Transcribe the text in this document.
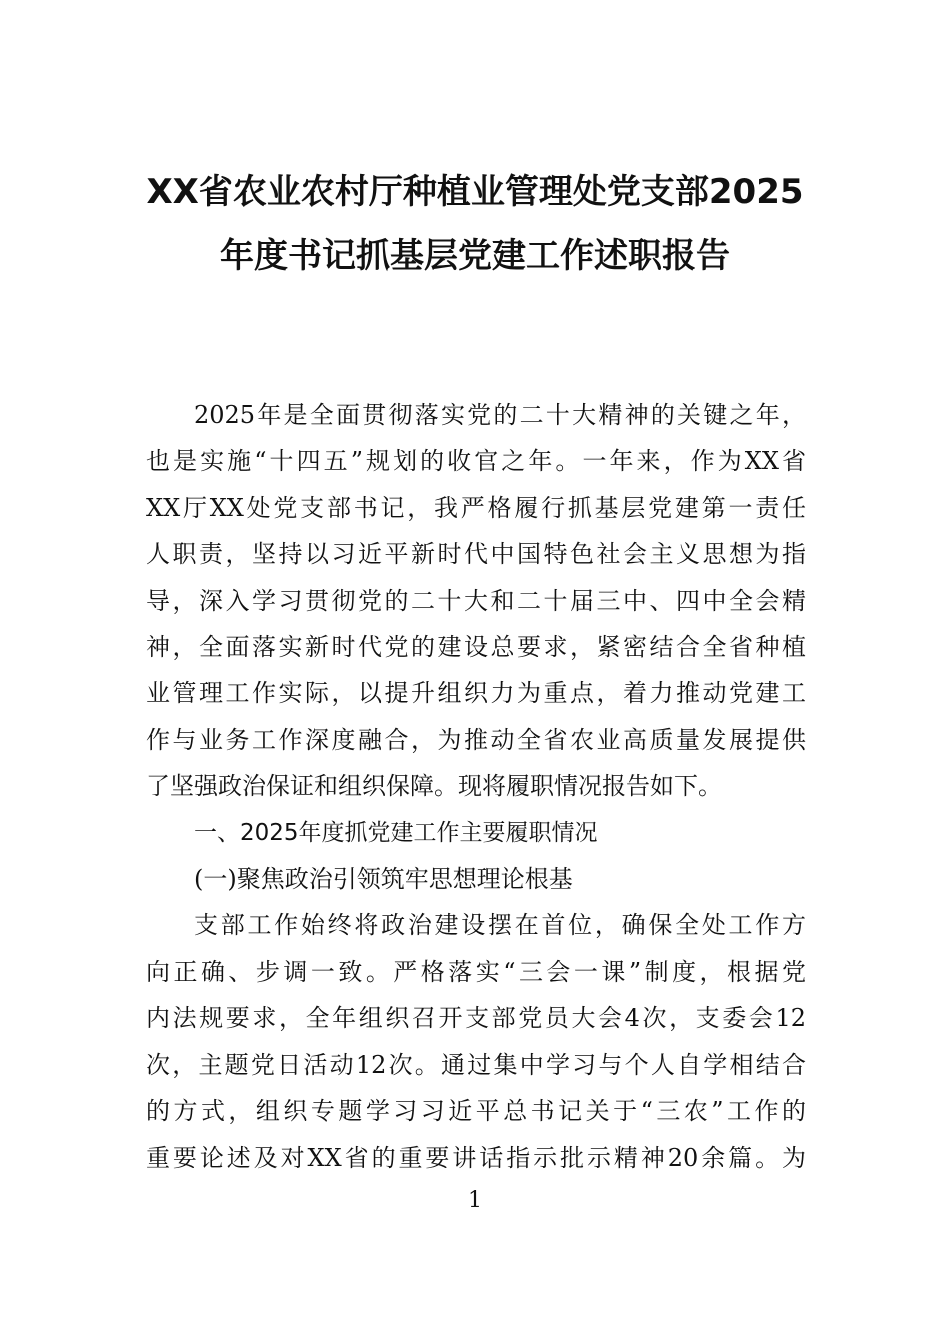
XX省农业农村厅种植业管理处党支部2025
年度书记抓基层党建工作述职报告
2025年是全面贯彻落实党的二十大精神的关键之年，
也是实施“十四五”规划的收官之年。一年来，作为XX省
XX厅XX处党支部书记，我严格履行抓基层党建第一责任
人职责，坚持以习近平新时代中国特色社会主义思想为指
导，深入学习贯彻党的二十大和二十届三中、四中全会精
神，全面落实新时代党的建设总要求，紧密结合全省种植
业管理工作实际，以提升组织力为重点，着力推动党建工
作与业务工作深度融合，为推动全省农业高质量发展提供
了坚强政治保证和组织保障。现将履职情况报告如下。
一、2025年度抓党建工作主要履职情况
(一)聚焦政治引领筑牢思想理论根基
支部工作始终将政治建设摆在首位，确保全处工作方
向正确、步调一致。严格落实“三会一课”制度，根据党
内法规要求，全年组织召开支部党员大会4次，支委会12
次，主题党日活动12次。通过集中学习与个人自学相结合
的方式，组织专题学习习近平总书记关于“三农”工作的
重要论述及对XX省的重要讲话指示批示精神20余篇。为
1
